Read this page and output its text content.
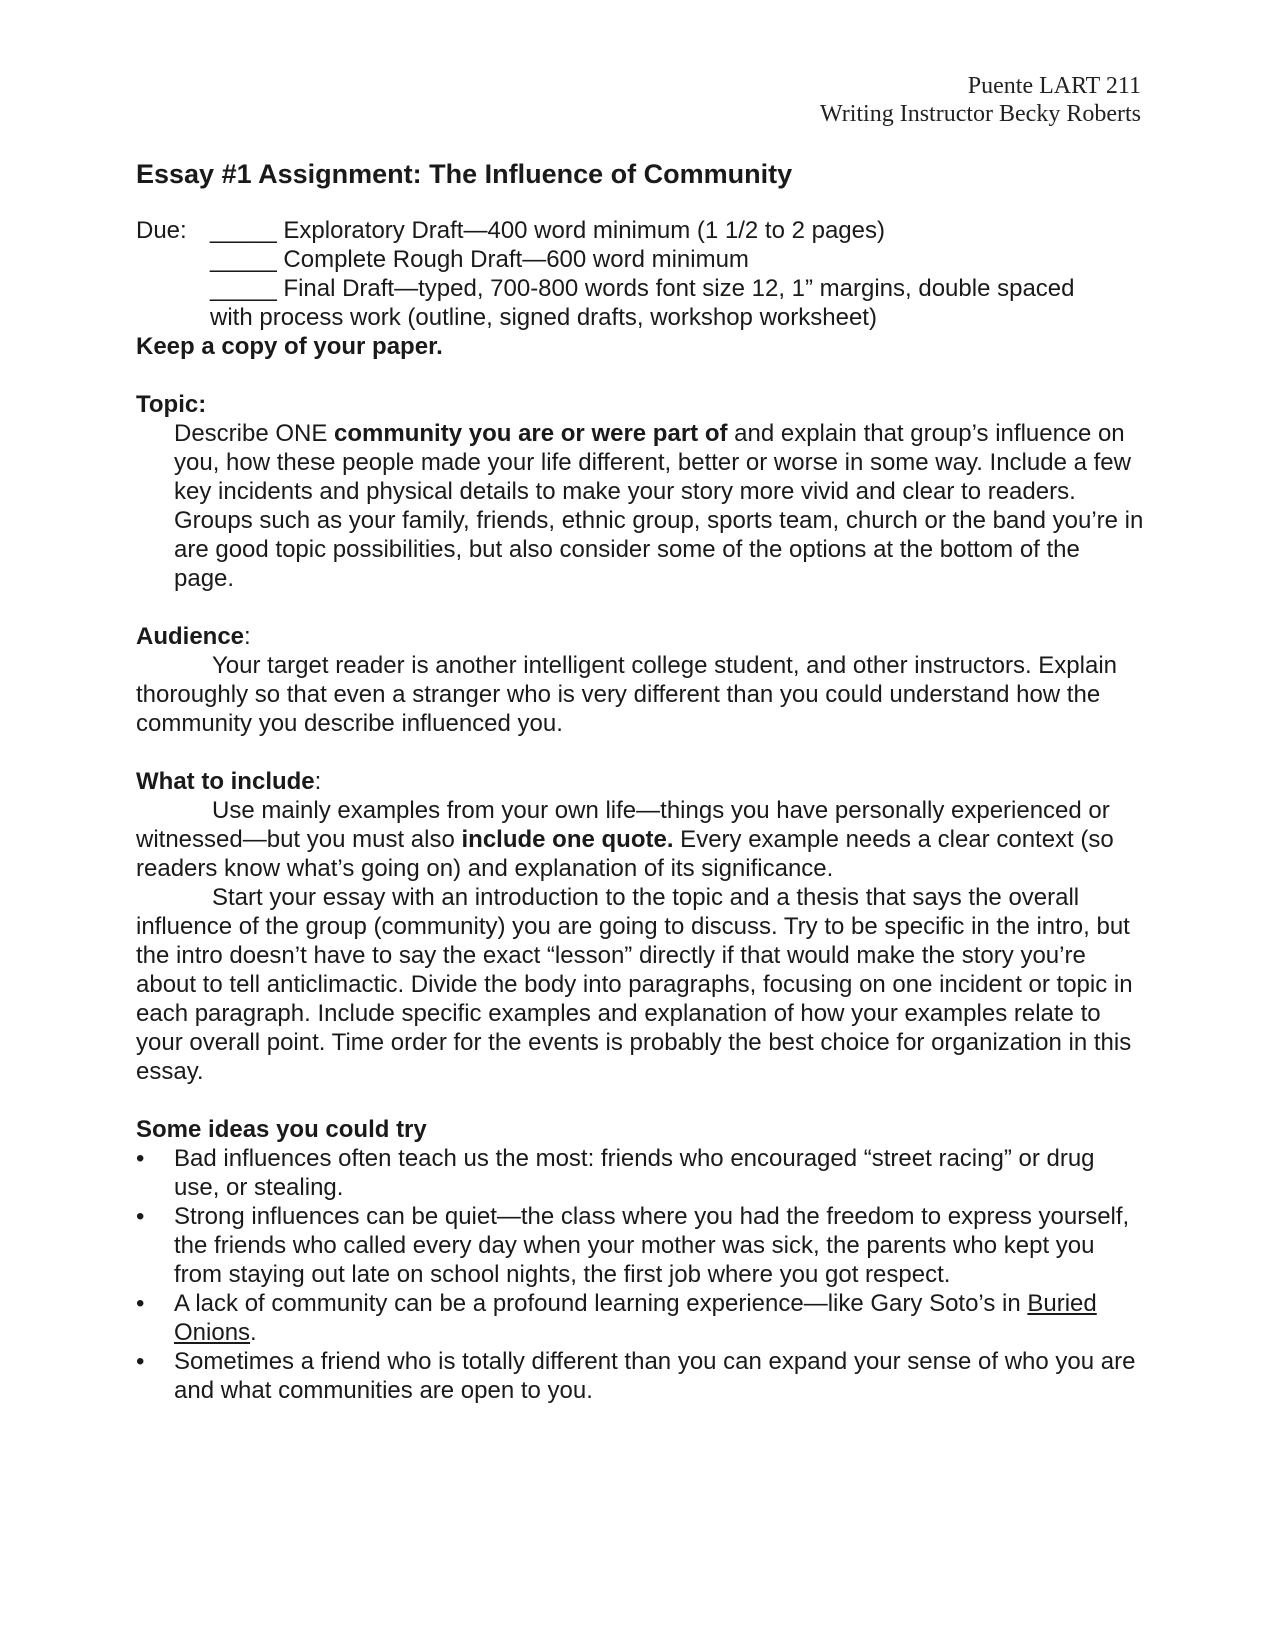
Puente LART 211
Writing Instructor Becky Roberts
Essay #1 Assignment: The Influence of Community
Due: _____ Exploratory Draft—400 word minimum (1 1/2 to 2 pages)
_____ Complete Rough Draft—600 word minimum
_____ Final Draft—typed, 700-800 words font size 12, 1” margins, double spaced
with process work (outline, signed drafts, workshop worksheet)
Keep a copy of your paper.
Topic:

Describe ONE community you are or were part of and explain that group’s influence on you, how these people made your life different, better or worse in some way. Include a few key incidents and physical details to make your story more vivid and clear to readers. Groups such as your family, friends, ethnic group, sports team, church or the band you’re in are good topic possibilities, but also consider some of the options at the bottom of the page.

Audience:

Your target reader is another intelligent college student, and other instructors. Explain thoroughly so that even a stranger who is very different than you could understand how the community you describe influenced you.

What to include:

Use mainly examples from your own life—things you have personally experienced or witnessed—but you must also include one quote. Every example needs a clear context (so readers know what’s going on) and explanation of its significance.

Start your essay with an introduction to the topic and a thesis that says the overall influence of the group (community) you are going to discuss. Try to be specific in the intro, but the intro doesn’t have to say the exact “lesson” directly if that would make the story you’re about to tell anticlimactic. Divide the body into paragraphs, focusing on one incident or topic in each paragraph. Include specific examples and explanation of how your examples relate to your overall point. Time order for the events is probably the best choice for organization in this essay.

Some ideas you could try
• Bad influences often teach us the most: friends who encouraged “street racing” or drug use, or stealing.
• Strong influences can be quiet—the class where you had the freedom to express yourself, the friends who called every day when your mother was sick, the parents who kept you from staying out late on school nights, the first job where you got respect.
• A lack of community can be a profound learning experience—like Gary Soto’s in Buried Onions.
• Sometimes a friend who is totally different than you can expand your sense of who you are and what communities are open to you.
